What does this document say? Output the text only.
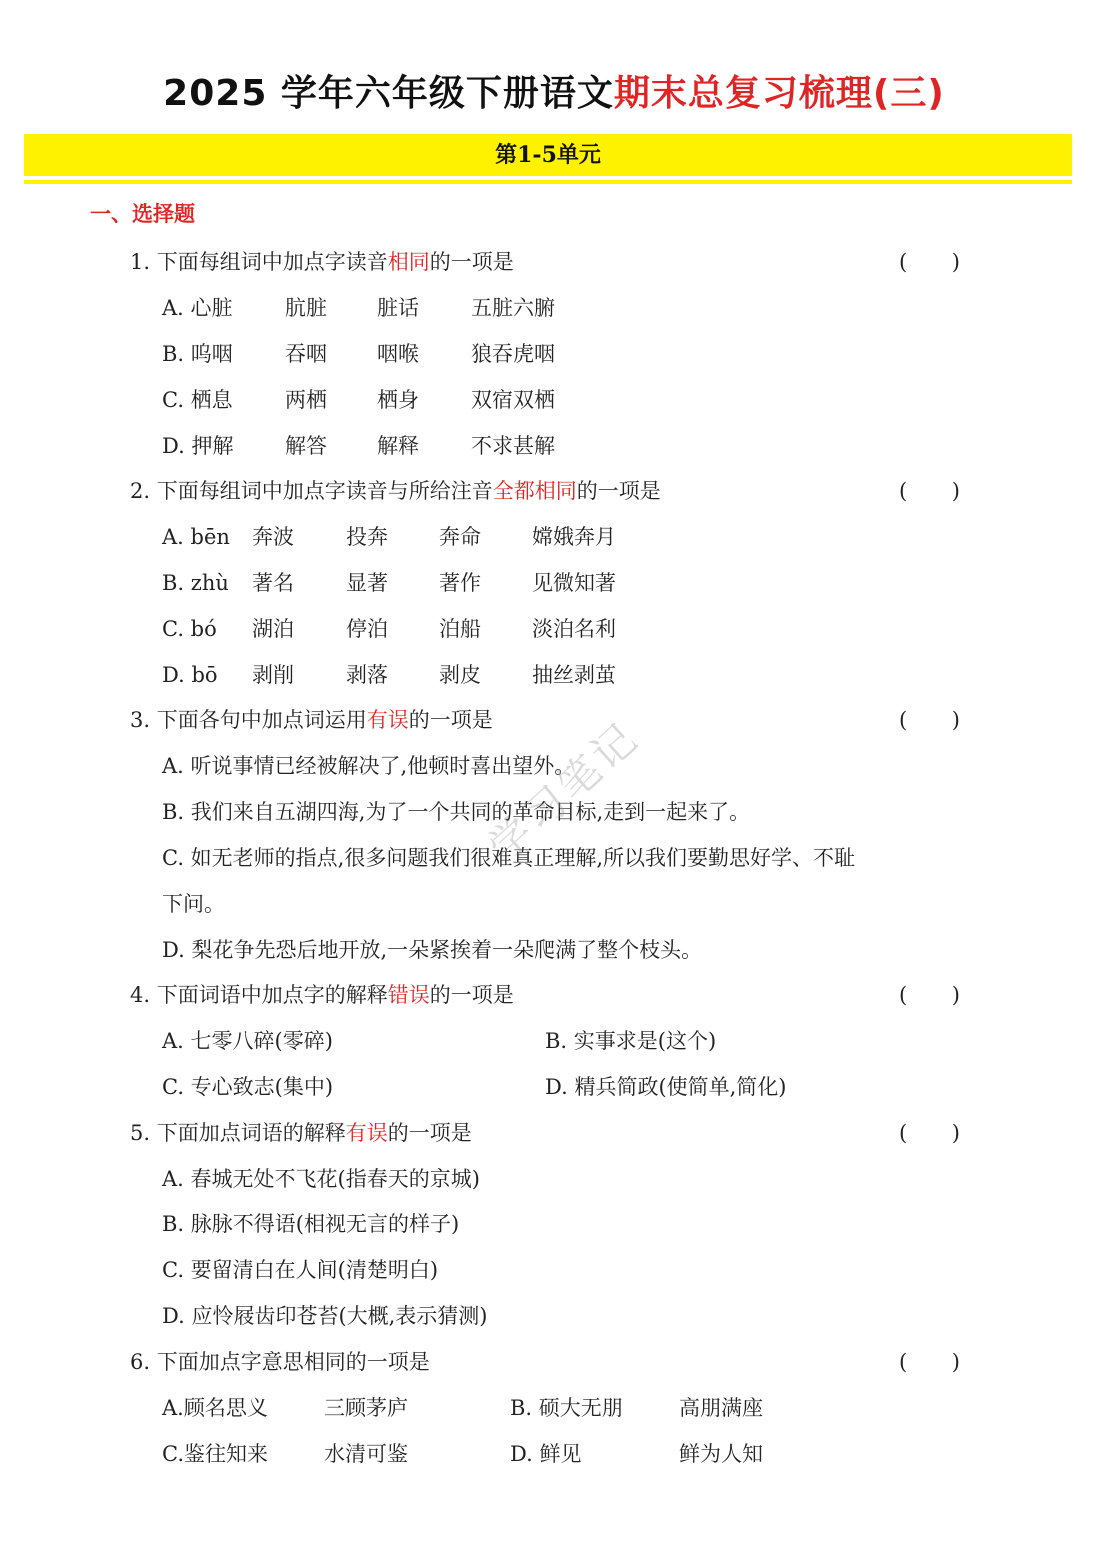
2025 学年六年级下册语文期末总复习梳理(三)
第1-5单元
一、选择题
1. 下面每组词中加点字读音相同的一项是	( )
A. 心脏 肮脏 脏话 五脏六腑
B. 呜咽 吞咽 咽喉 狼吞虎咽
C. 栖息 两栖 栖身 双宿双栖
D. 押解 解答 解释 不求甚解
2. 下面每组词中加点字读音与所给注音全都相同的一项是	( )
A. bēn 奔波 投奔 奔命 嫦娥奔月
B. zhù 著名 显著 著作 见微知著
C. bó 湖泊 停泊 泊船 淡泊名利
D. bō 剥削 剥落 剥皮 抽丝剥茧
3. 下面各句中加点词运用有误的一项是	( )
A. 听说事情已经被解决了,他顿时喜出望外。
B. 我们来自五湖四海,为了一个共同的革命目标,走到一起来了。
C. 如无老师的指点,很多问题我们很难真正理解,所以我们要勤思好学、不耻
下问。
D. 梨花争先恐后地开放,一朵紧挨着一朵爬满了整个枝头。
4. 下面词语中加点字的解释错误的一项是	( )
A. 七零八碎(零碎)	B. 实事求是(这个)
C. 专心致志(集中)	D. 精兵简政(使简单,简化)
5. 下面加点词语的解释有误的一项是	( )
A. 春城无处不飞花(指春天的京城)
B. 脉脉不得语(相视无言的样子)
C. 要留清白在人间(清楚明白)
D. 应怜屐齿印苍苔(大概,表示猜测)
6. 下面加点字意思相同的一项是	( )
A.顾名思义	三顾茅庐	B. 硕大无朋	高朋满座
C.鉴往知来	水清可鉴	D. 鲜见	鲜为人知
学习笔记
